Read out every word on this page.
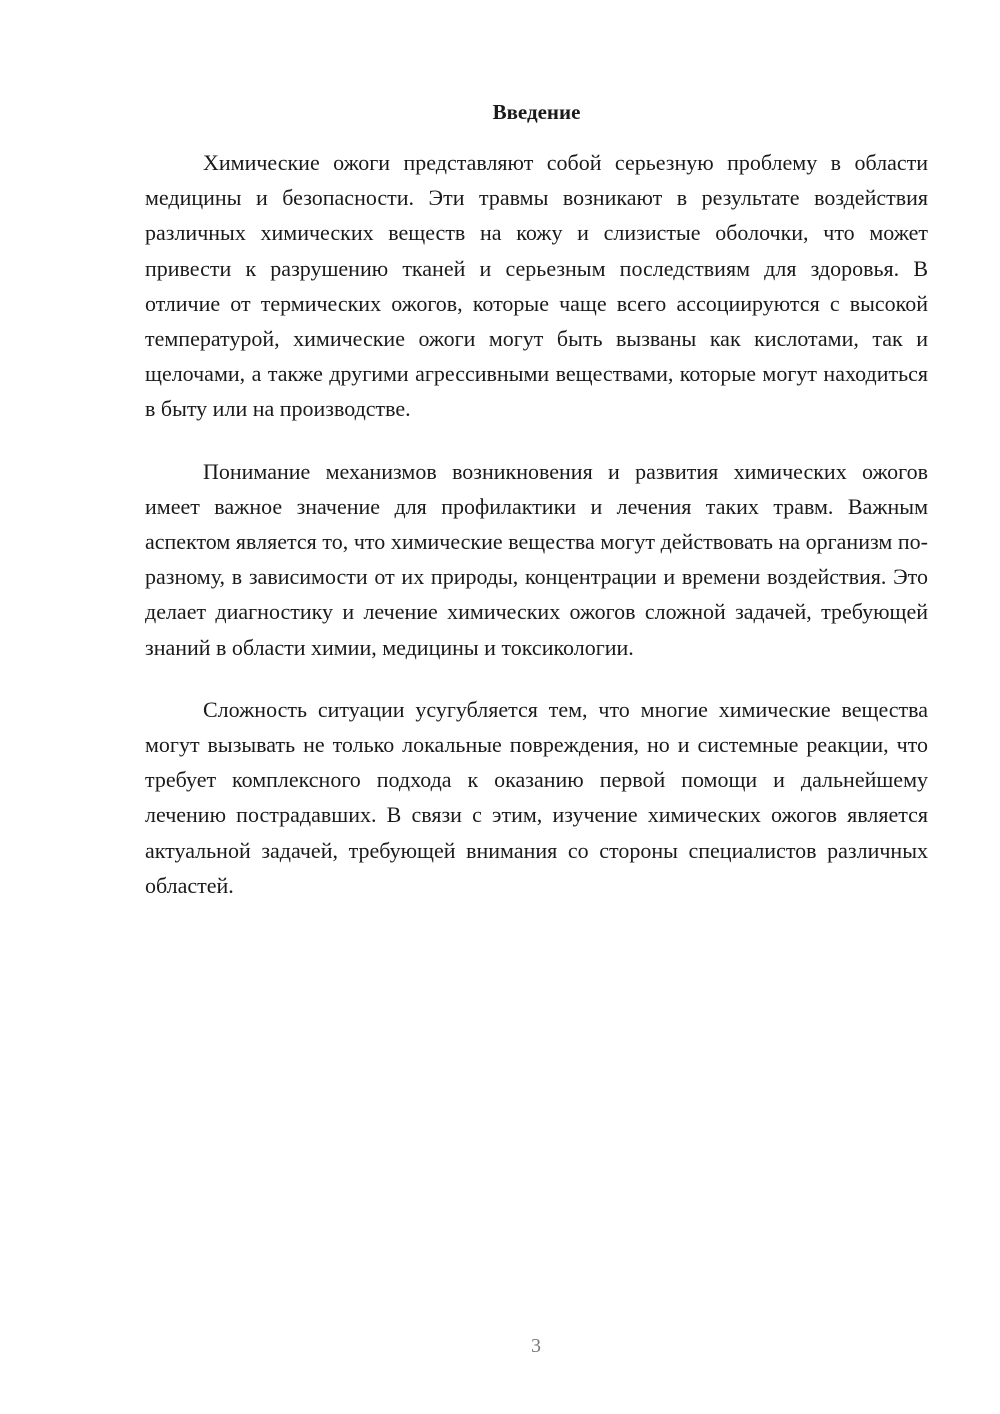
Введение

Химические ожоги представляют собой серьезную проблему в области медицины и безопасности. Эти травмы возникают в результате воздействия различных химических веществ на кожу и слизистые оболочки, что может привести к разрушению тканей и серьезным последствиям для здоровья. В отличие от термических ожогов, которые чаще всего ассоциируются с высокой температурой, химические ожоги могут быть вызваны как кислотами, так и щелочами, а также другими агрессивными веществами, которые могут находиться в быту или на производстве.

Понимание механизмов возникновения и развития химических ожогов имеет важное значение для профилактики и лечения таких травм. Важным аспектом является то, что химические вещества могут действовать на организм по-разному, в зависимости от их природы, концентрации и времени воздействия. Это делает диагностику и лечение химических ожогов сложной задачей, требующей знаний в области химии, медицины и токсикологии.

Сложность ситуации усугубляется тем, что многие химические вещества могут вызывать не только локальные повреждения, но и системные реакции, что требует комплексного подхода к оказанию первой помощи и дальнейшему лечению пострадавших. В связи с этим, изучение химических ожогов является актуальной задачей, требующей внимания со стороны специалистов различных областей.

3
